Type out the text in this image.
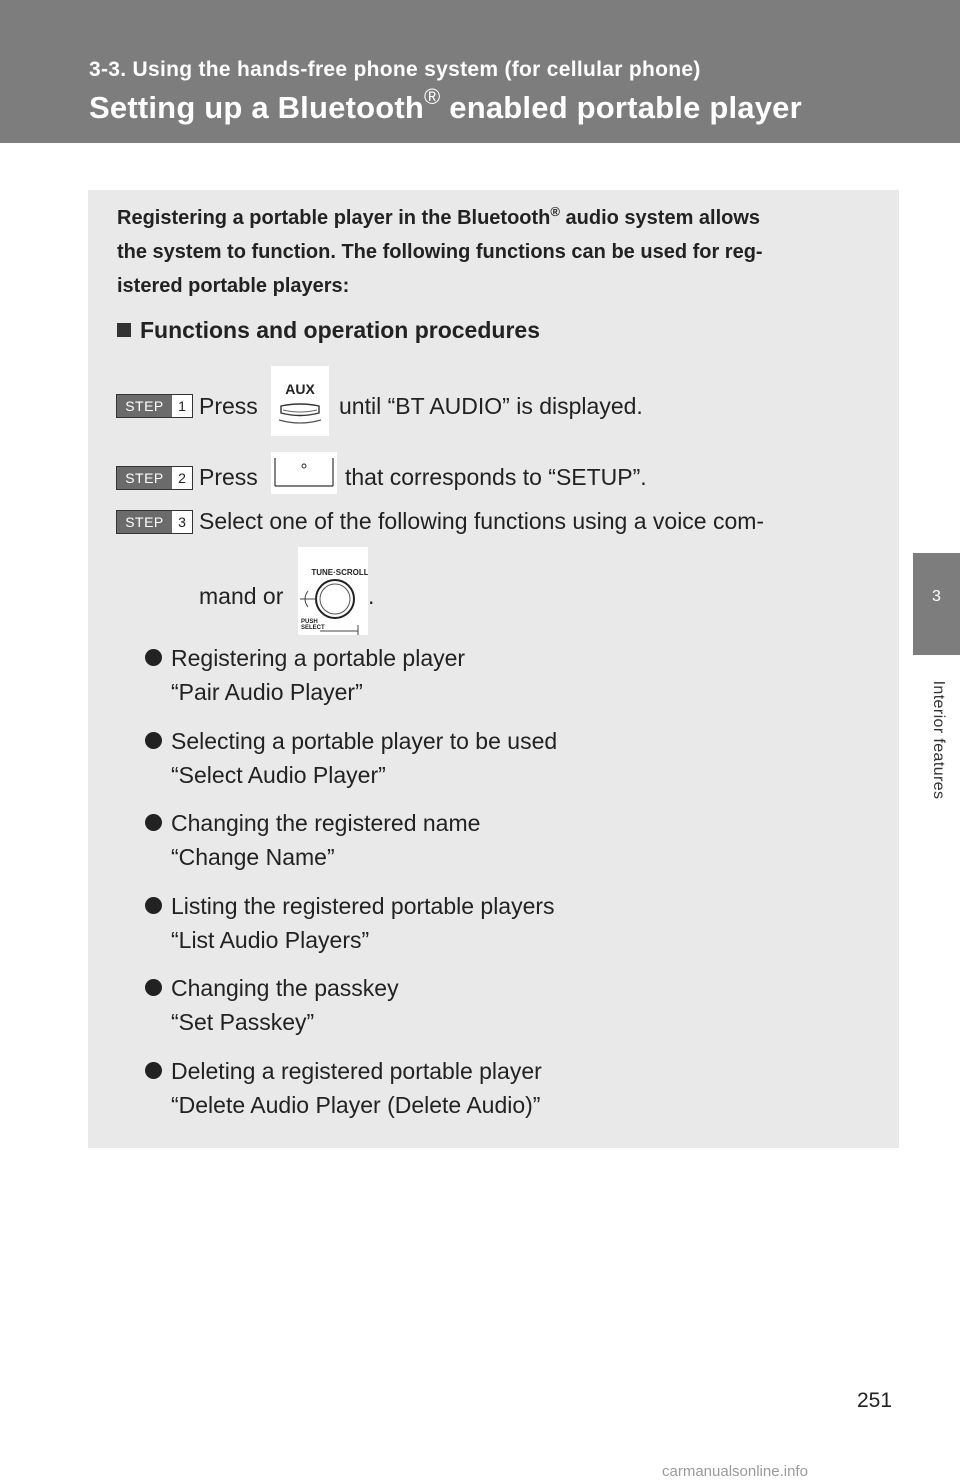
3-3. Using the hands-free phone system (for cellular phone)
Setting up a Bluetooth® enabled portable player
3
Interior features
Registering a portable player in the Bluetooth® audio system allows
the system to function. The following functions can be used for reg-
istered portable players:
Functions and operation procedures
STEP	1 Press
AUX
until “BT AUDIO” is displayed.
STEP	2 Press	that corresponds to “SETUP”.
STEP	3 Select one of the following functions using a voice com-
mand or
TUNE·SCROLL
PUSH
SELECT
.
Registering a portable player
“Pair Audio Player”
Selecting a portable player to be used
“Select Audio Player”
Changing the registered name
“Change Name”
Listing the registered portable players
“List Audio Players”
Changing the passkey
“Set Passkey”
Deleting a registered portable player
“Delete Audio Player (Delete Audio)”
251
carmanualsonline.info
